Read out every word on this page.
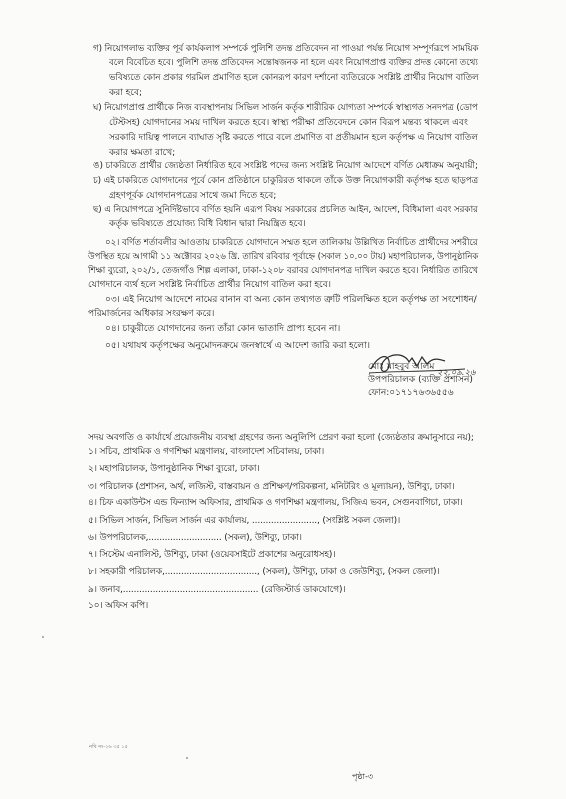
গ) নিয়োগলাভ ব্যক্তির পূর্ব কার্যকলাপ সম্পর্কে পুলিশি তদন্ত প্রতিবেদন না পাওয়া পর্যন্ত নিয়োগ সম্পূর্ণরূপে সাময়িক
বলে বিবেচিত হবে। পুলিশি তদন্ত প্রতিবেদন সন্তোষজনক না হলে এবং নিয়োগপ্রাপ্ত ব্যক্তির প্রদত্ত কোনো তথ্যে
ভবিষ্যতে কোন প্রকার গরমিল প্রমাণিত হলে কোনরূপ কারণ দর্শানো ব্যতিরেকে সংশ্লিষ্ট প্রার্থীর নিয়োগ বাতিল
করা হবে;
ঘ) নিয়োগপ্রাপ্ত প্রার্থীকে নিজ ব্যবস্থাপনায় সিভিল সার্জন কর্তৃক শারীরিক যোগ্যতা সম্পর্কে স্বাস্থ্যগত সনদপত্র (ডোপ
টেস্টসহ) যোগদানের সময় দাখিল করতে হবে। স্বাস্থ্য পরীক্ষা প্রতিবেদনে কোন বিরূপ মন্তব্য থাকলে এবং
সরকারি দায়িত্ব পালনে ব্যাঘাত সৃষ্টি করতে পারে বলে প্রমাণিত বা প্রতীয়মান হলে কর্তৃপক্ষ এ নিয়োগ বাতিল
করার ক্ষমতা রাখে;
ঙ) চাকরিতে প্রার্থীর জ্যেষ্ঠতা নির্ধারিত হবে সংশ্লিষ্ট পদের জন্য সংশ্লিষ্ট নিয়োগ আদেশে বর্ণিত মেধাক্রম অনুযায়ী;
চ) এই চাকরিতে যোগদানের পূর্বে কোন প্রতিষ্ঠানে চাকুরিরত থাকলে তাঁকে উক্ত নিয়োগকারী কর্তৃপক্ষ হতে ছাড়পত্র
গ্রহণপূর্বক যোগদানপত্রের সাথে জমা দিতে হবে;
ছ) এ নিয়োগপত্রে সুনির্দিষ্টভাবে বর্ণিত হয়নি এরূপ বিষয় সরকারের প্রচলিত আইন, আদেশ, বিধিমালা এবং সরকার
কর্তৃক ভবিষ্যতে প্রযোজ্য বিধি বিধান দ্বারা নিয়ন্ত্রিত হবে।
০২। বর্ণিত শর্তাবলীর আওতায় চাকরিতে যোগদানে সম্মত হলে তালিকায় উল্লিখিত নির্বাচিত প্রার্থীদের সশরীরে
উপস্থিত হয়ে আগামী ১১ অক্টোবর ২০২৬ খ্রি. তারিখ রবিবার পূর্বাহ্নে (সকাল ১০.০০ টায়) মহাপরিচালক, উপানুষ্ঠানিক
শিক্ষা ব্যুরো, ২০২/১, তেজগাঁও শিল্প এলাকা, ঢাকা-১২০৮ বরাবর যোগদানপত্র দাখিল করতে হবে। নির্ধারিত তারিখে
যোগদানে ব্যর্থ হলে সংশ্লিষ্ট নির্বাচিত প্রার্থীর নিয়োগ বাতিল করা হবে।
০৩। এই নিয়োগ আদেশে নামের বানান বা অন্য কোন তথ্যগত ত্রুটি পরিলক্ষিত হলে কর্তৃপক্ষ তা সংশোধন/
পরিমার্জনের অধিকার সংরক্ষণ করে।
০৪। চাকুরীতে যোগদানের জন্য তাঁরা কোন ভাতাদি প্রাপ্য হবেন না।
০৫। যথাযথ কর্তৃপক্ষের অনুমোদনক্রমে জনস্বার্থে এ আদেশ জারি করা হলো।
২২.০৯.২৬
মোঃ মাহবুব আলম
উপপরিচালক (ব্যক্তি প্রশাসন)
ফোন:০১৭১৭৬৩৬৫৫৬
সদয় অবগতি ও কার্যার্থে প্রয়োজনীয় ব্যবস্থা গ্রহণের জন্য অনুলিপি প্রেরণ করা হলো (জ্যেষ্ঠতার ক্রমানুসারে নয়);
১। সচিব, প্রাথমিক ও গণশিক্ষা মন্ত্রণালয়, বাংলাদেশ সচিবালয়, ঢাকা।
২। মহাপরিচালক, উপানুষ্ঠানিক শিক্ষা ব্যুরো, ঢাকা।
৩। পরিচালক (প্রশাসন, অর্থ, লজিস্ট, বাস্তবায়ন ও প্রশিক্ষণ/পরিকল্পনা, মনিটরিং ও মূল্যায়ন), উশিব্যু, ঢাকা।
৪। চিফ একাউন্টস এন্ড ফিন্যান্স অফিসার, প্রাথমিক ও গণশিক্ষা মন্ত্রণালয়, সিজিএ ভবন, সেগুনবাগিচা, ঢাকা।
৫। সিভিল সার্জন, সিভিল সার্জন এর কার্যালয়, ........................, (সংশ্লিষ্ট সকল জেলা)।
৬। উপপরিচালক,........................... (সকল), উশিব্যু, ঢাকা।
৭। সিস্টেম এনালিস্ট, উশিব্যু, ঢাকা (ওয়েবসাইটে প্রকাশের অনুরোধসহ)।
৮। সহকারী পরিচালক,.................................., (সকল), উশিব্যু, ঢাকা ও জেউশিব্যু, (সকল জেলা)।
৯। জনাব,.................................................. (রেজিস্টার্ড ডাকযোগে)।
১০। অফিস কপি।
নথি নং-২৬ ৩৫ ১৫
পৃষ্ঠা-৩
